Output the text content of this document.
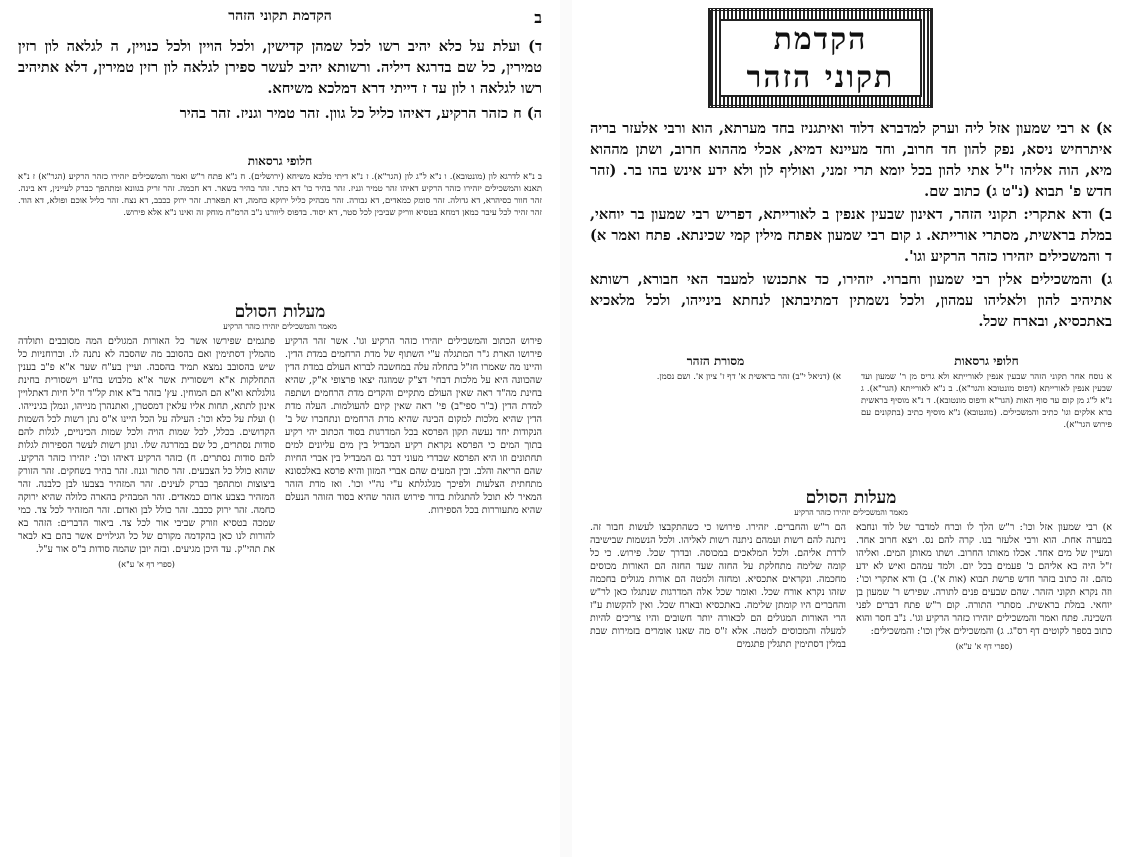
ב
הקדמת תקוני הזהר

ד) ועלת על כלא יהיב רשו לכל שמהן קדישין, ולכל הויין ולכל כנויין, ה לגלאה לון רזין טמירין, כל שם בדרגא דיליה. ורשותא יהיב לעשר ספירן לגלאה לון רזין טמירין, דלא אתיהיב רשו לגלאה ו לון עד ז דייתי דרא דמלכא משיחא.

ה) ח כזהר הרקיע, דאיהו כליל כל גוון. זהר טמיר וגניז. זהר בהיר

חלופי גרסאות
ב נ"א לדרגא לון (מונטובא). ו נ"א ל"ג לון (הגר"א). ז נ"א דיתי מלכא משיחא (ירושלים). ח נ"א פתח ר"ש ואמר והמשכילים יזהירו כזהר הרקיע (הגר"א) ז נ"א תאנא והמשכילים יזהירו כזהר הרקיע דאיהו זהר טמיר וגניז. זהר בהיר כו' דא כתר. זהר בהיר בשאר. דא חכמה. זהר זריק בגוונא ומתהפך כברק לעיינין, דא בינה. זהר חוור כסיהרא, דא גדולה. זהר סומק כמאדים, דא גבורה. זהר מבהיק כליל ירוקא כחמה, דא תפארת. זהר ירוק ככבב, דא נצח. זהר כליל אוכם ופולא, דא הוד. זהר זהיר לכל עיבר כמאן דמחא בטסיא ווריק שביבין לכל סטר, דא יסוד. בדפוס ליוורנו נ"ב הרמ"ח מוחק זה ואינו נ"א אלא פירוש.
מעלות הסולם
מאמר והמשכילים יזהירו כזהר הרקיע
פירוש הכתוב והמשכילים יזהירו כזהר הרקיע וגו'. אשר זהר הרקיע פירושו הארת ג"ר המתגלה ע"י השתוף של מדת הרחמים במדת הדין. והיינו מה שאמרו חז"ל בתחלה עלה במחשבה לברוא העולם במדת הדין שהכוונה היא על מלכות דבחי' דצ"ק שמוזגה יצאו פרצופי א"ק, שהיא בחינת מה"ד ראה שאין העולם מתקיים והקדים מדת הרחמים ושתפה למדת הדין (ב"ר ספי"ב) פי' ראה שאין קיום להעולמות. העלה מדת הדין שהיא מלכות למקום הבינה שהיא מדת הרחמים ונתחברו של ב' הנקודות יחד נעשה תקון הפרסא בכל המדרגות בסוד הכתוב יהי רקיע בתוך המים כי הפרסא נקראת רקיע המבדיל בין מים עליונים למים תחתונים וזו היא הפרסא שבדרי מעוני דבר גם המבדיל בין אברי החיות שהם הריאה והלב. ובין המעים שהם אברי המזון והיא פרסא באלכסונא מתחתית הצלעות ולפיכך מגלגלתא ע"י נה"י וכו'. ואז מדת הזהר המאיר לא תוכל להתגלות בדור פירוש הזהר שהיא בסוד הזוהר הנעלם שהיא מתעוררות בכל הספירות.
פתגמים שפירשו אשר כל האורות המגולים המה מסובבים ותולדה מהמלין דסתימין ואם בהסובב מה שהסבה לא נתנה לו. וברוחניות כל שיש בהסובב נמצא תמיד בהסבה. ועיין בע"ח שער א"א פ"ב בענין התחלקות א"א וישסורית אשר א"א מלבוש בח"ע וישסורית בחינת גולגלתא וא"א הם המוחין. עץ' בזהר ב"א אות קל"ד וז"ל חיות דאתלויין אינון לתתא, תחות אליו עלאין דמסטרן, ואתנהרן מנייהו, ונמלן בגינייהו. ו) ועלת על כלא וכו': העילה על הכל היינו א"ס נתן רשות לכל השמות הקדושים. בכלל, לכל שמות הויה ולכל שמות הכינויים, לגלות להם סודות נסתרים, כל שם במדרגה שלו. ונתן רשות לעשר הספירות לגלות להם סודות נסתרים. ח) כזהר הרקיע דאיהו וכו': יזהירו כזהר הרקיע. שהוא כולל כל הצבעים. זהר סתור וגנוז. זהר בהיר בשחקים. זהר הזורק ביצוצות ומתהפך כברק לעינים. זהר המזהיר בצבעו לבן כלבנה. זהר המזהיר בצבע אדום כמאדים. זהר המבהיק בהארה כלולה שהיא ירוקה כחמה. זהר ירוק ככבב. זהר כולל לבן ואדום. זהר המזהיר לכל צד. כמי שמכה בטסיא וזורק שביבי אור לכל צד. ביאור הדברים: הזהר בא להורות לנו כאן בהקדמה מקורם של כל הגילויים אשר בהם בא לבאר את תהי"ק. עד היכן מגיעים. ובזה יובן שהמה סודות ב"ס אור ע"ל.
(ספרי דף א' ע"א)
הקדמת
תקוני הזהר

א) א רבי שמעון אזל ליה וערק למדברא דלוד ואיתגניז בחד מערתא, הוא ורבי אלעזר בריה איתרחיש ניסא, נפק להון חד חרוב, וחד מעיינא דמיא, אכלי מההוא חרוב, ושתן מההוא מיא, הוה אליהו ז"ל אתי להון בכל יומא תרי זמני, ואוליף לון ולא ידע אינש בהו בר. (זהר חדש פ' תבוא (נ"ט ג) כתוב שם.

ב) ודא אתקרי: תקוני הזהר, דאינון שבעין אנפין ב לאורייתא, דפריש רבי שמעון בר יוחאי, במלת בראשית, מסתרי אורייתא. ג קום רבי שמעון אפתח מילין קמי שכינתא. פתח ואמר א) ד והמשכילים יזהירו כזהר הרקיע וגו'.

ג) והמשכילים אלין רבי שמעון וחברוי. יזהירו, כד אתכנשו למעבד האי חבורא, רשותא אתיהיב להון ולאליהו עמהון, ולכל נשמתין דמתיבתאן לנחתא בינייהו, ולכל מלאכיא באתכסיא, ובארח שכל.

חלופי גרסאות
א נוסח אחר תקוני הזהר שבעין אנפין לאורייתא ולא גריס מן ר' שמעון ועד שבעין אנפין לאורייתא (דפוס מונטובא והגר"א). ב נ"א לאורייתא (הגר"א). ג נ"א ל"ג מן קום עד סוף האות (הגר"א ודפוס מונטובא). ד נ"א מוסיף בראשית ברא אלקים וגו' כתיב והמשכילים. (מונטובא) נ"א מוסיף כתיב (בתקונים עם פירוש הגר"א).
מסורת הזהר
א) (דניאל י"ב) זהר בראשית א' דף ז' ציון א'. ושם נסמן.
מעלות הסולם
מאמר והמשכילים יזהירו כזהר הרקיע
א) רבי שמעון אזל וכו': ר"ש הלך לו וברח למדבר של לוד ונחבא במערה אחת. הוא ורבי אלעזר בנו. קרה להם נס. ויצא חרוב אחד. ומעיין של מים אחד. אכלו מאותו החרוב. ושתו מאותן המים. ואליהו ז"ל היה בא אליהם ב' פעמים בכל יום. ולמד עמהם ואיש לא ידע מהם. זה כתוב בזהר חדש פרשת תבוא (אות א'). ב) ודא אתקרי וכו': וזה נקרא תקוני הזהר. שהם שבעים פנים לתורה. שפירש ר' שמעון בן יוחאי. במלת בראשית. מסתרי התורה. קום ר"ש פתח דברים לפני השכינה. פתח ואמר והמשכילים יזהירו כזהר הרקיע וגו'. נ"ב חסר והוא כתוב בספר לקוטים דף רס"ג. ג) והמשכילים אלין וכו': והמשכילים:
(ספרי דף א' ע"א)
הם ר"ש והחברים. יזהירו. פירושו כי כשהתקבצו לעשות חבור זה. ניתנה להם רשות ועמהם ניתנה רשות לאליהו. ולכל הנשמות שבישיבה לרדת אליהם. ולכל המלאכים במכוסה. ובדרך שכל. פירוש. כי כל קומה שלימה מתחלקת על החזה שעד החזה הם האורות מכוסים מחכמה. ונקראים אתכסיא. ומחזה ולמטה הם אורות מגולים בחכמה שזהו נקרא אורח שכל. ואומר שכל אלה המדרגות שנתגלו כאן לר"ש והחברים היו קומתן שלימה. באתכסיא ובארח שכל. ואין להקשות ע"ז הרי האורות המגולים הם לכאורה יותר חשובים והיו צריכים להיות למעלה והמכוסים למטה. אלא ז"ס מה שאנו אומרים בזמירות שבת במלין דסתימין תתגלין פתגמים
